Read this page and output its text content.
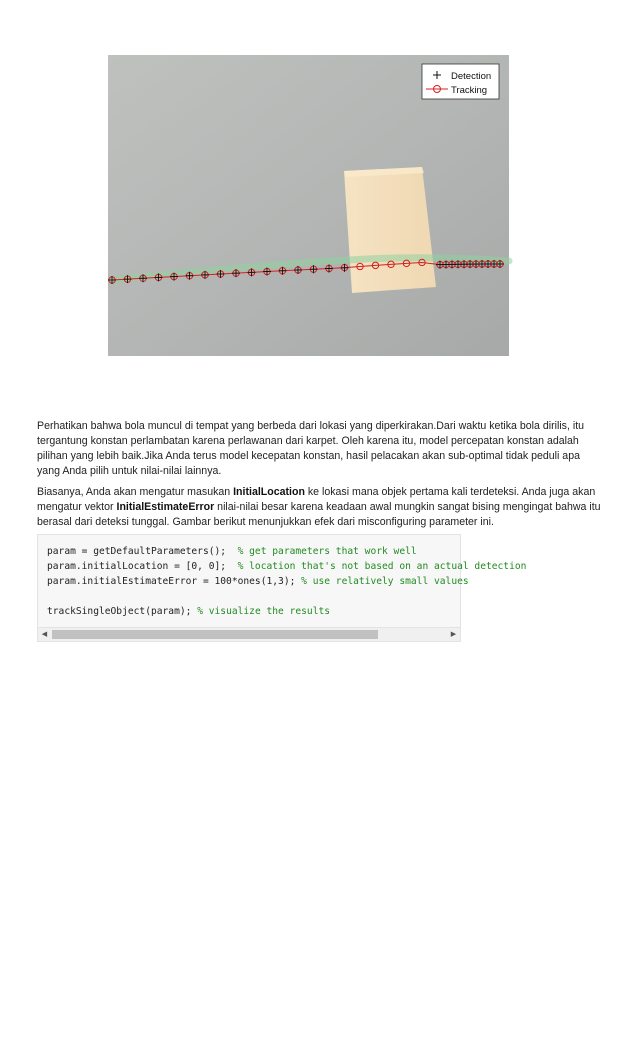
Detection
Tracking

Perhatikan bahwa bola muncul di tempat yang berbeda dari lokasi yang diperkirakan.Dari waktu ketika bola dirilis, itu tergantung konstan perlambatan karena perlawanan dari karpet. Oleh karena itu, model percepatan konstan adalah pilihan yang lebih baik.Jika Anda terus model kecepatan konstan, hasil pelacakan akan sub-optimal tidak peduli apa yang Anda pilih untuk nilai-nilai lainnya.

Biasanya, Anda akan mengatur masukan InitialLocation ke lokasi mana objek pertama kali terdeteksi. Anda juga akan mengatur vektor InitialEstimateError nilai-nilai besar karena keadaan awal mungkin sangat bising mengingat bahwa itu berasal dari deteksi tunggal. Gambar berikut menunjukkan efek dari misconfiguring parameter ini.

param = getDefaultParameters();  % get parameters that work well
param.initialLocation = [0, 0];  % location that's not based on an actual detection
param.initialEstimateError = 100*ones(1,3); % use relatively small values

trackSingleObject(param); % visualize the results
◀	▶
